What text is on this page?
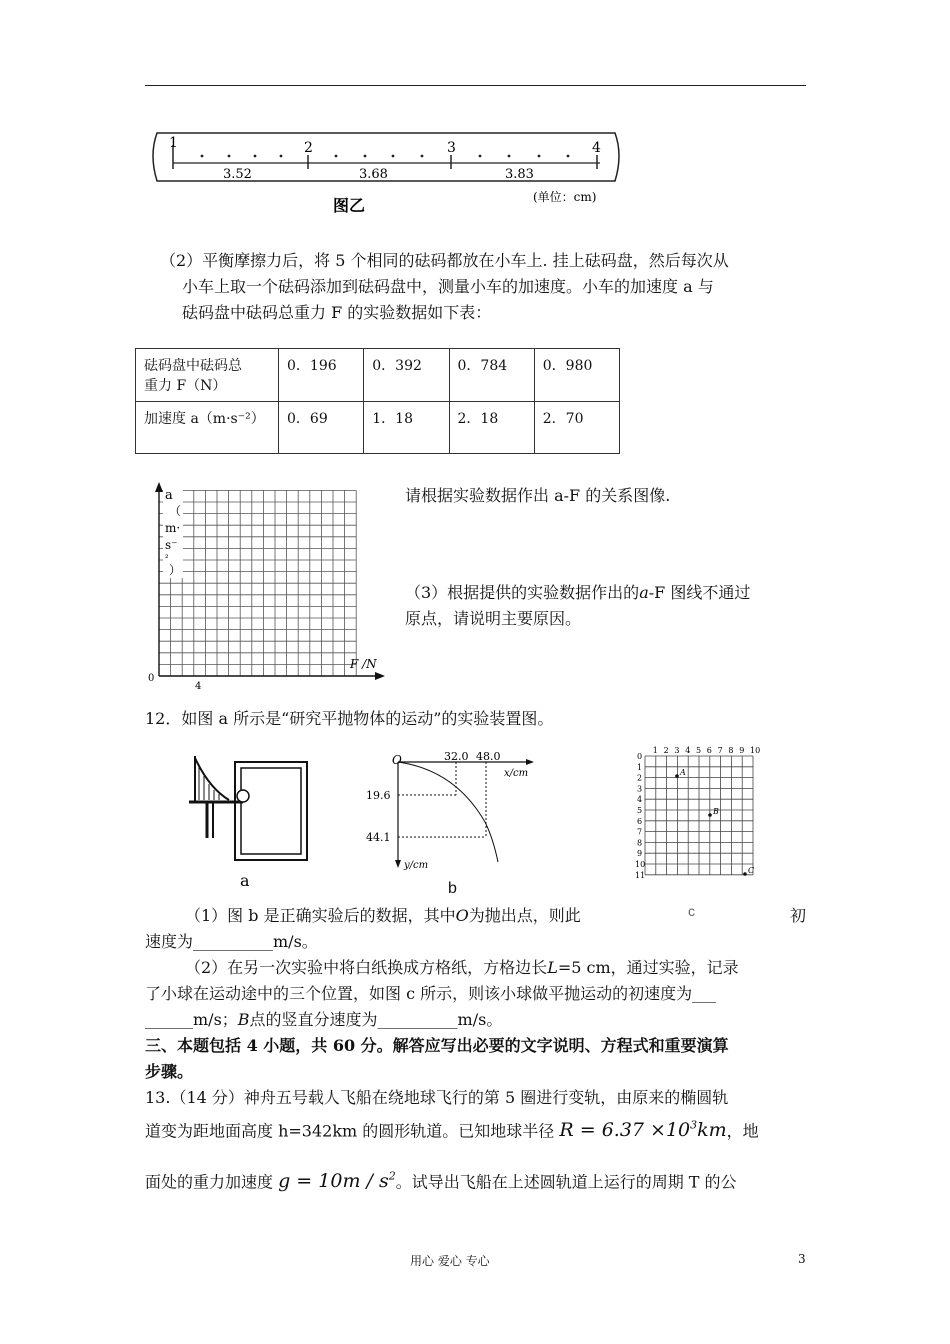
1	2	3	4
3.52	3.68	3.83
图乙	(单位：cm)
（2）平衡摩擦力后，将 5 个相同的砝码都放在小车上. 挂上砝码盘，然后每次从
小车上取一个砝码添加到砝码盘中，测量小车的加速度。小车的加速度 a 与
砝码盘中砝码总重力 F 的实验数据如下表：
砝码盘中砝码总
重力 F（N）	0．196	0．392	0．784	0．980
加速度 a（m·s⁻²）	0．69	1．18	2．18	2．70
a
（
m·
s⁻
²
）
F /N
0
4
请根据实验数据作出 a-F 的关系图像.
（3）根据提供的实验数据作出的a-F 图线不通过
原点，请说明主要原因。
12．如图 a 所示是“研究平抛物体的运动”的实验装置图。
a
O	32.0 48.0
x/cm
19.6
44.1
y/cm
b
1 2 3 4 5 6 7 8 9 10
0
1
2
3
4
5
6
7
8
9
10
11
A
B
C
c
（1）图 b 是正确实验后的数据，其中O为抛出点，则此	初
速度为__________m/s。
（2）在另一次实验中将白纸换成方格纸，方格边长L=5 cm，通过实验，记录
了小球在运动途中的三个位置，如图 c 所示，则该小球做平抛运动的初速度为___
______m/s；B点的竖直分速度为__________m/s。
三、本题包括 4 小题，共 60 分。解答应写出必要的文字说明、方程式和重要演算
步骤。
13.（14 分）神舟五号载人飞船在绕地球飞行的第 5 圈进行变轨，由原来的椭圆轨
道变为距地面高度 h=342km 的圆形轨道。已知地球半径 $R = 6.37 \times 10^3km$，地
面处的重力加速度 $g = 10m / s^2$。试导出飞船在上述圆轨道上运行的周期 T 的公
用心 爱心 专心	3
